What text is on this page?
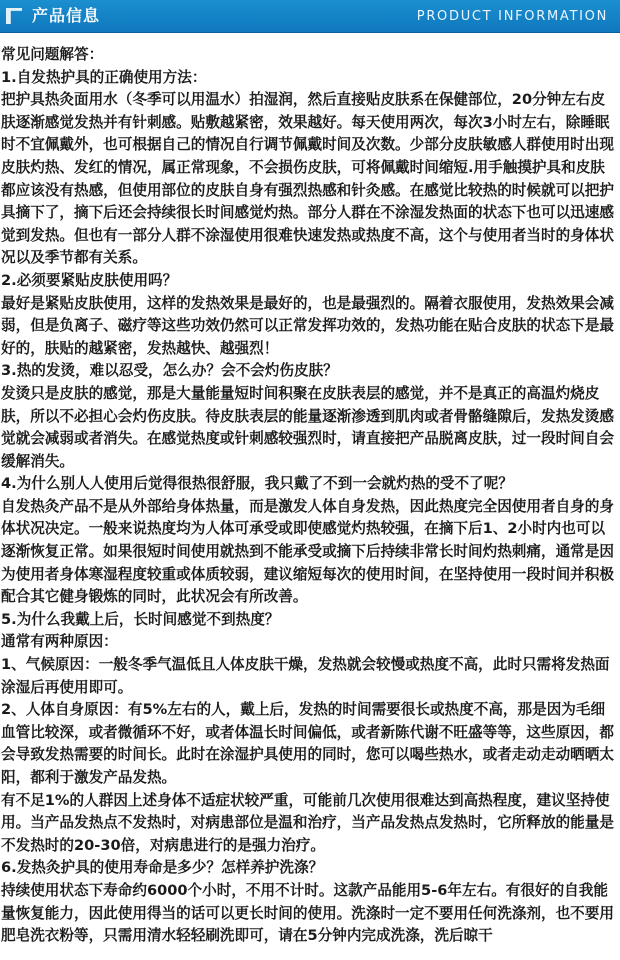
产品信息	PRODUCT INFORMATION

常见问题解答：

1.自发热护具的正确使用方法：

把护具热灸面用水（冬季可以用温水）拍湿润，然后直接贴皮肤系在保健部位，20分钟左右皮肤逐渐感觉发热并有针刺感。贴敷越紧密，效果越好。每天使用两次，每次3小时左右，除睡眠时不宜佩戴外，也可根据自己的情况自行调节佩戴时间及次数。少部分皮肤敏感人群使用时出现皮肤灼热、发红的情况，属正常现象，不会损伤皮肤，可将佩戴时间缩短.用手触摸护具和皮肤都应该没有热感，但使用部位的皮肤自身有强烈热感和针灸感。在感觉比较热的时候就可以把护具摘下了，摘下后还会持续很长时间感觉灼热。部分人群在不涂湿发热面的状态下也可以迅速感觉到发热。但也有一部分人群不涂湿使用很难快速发热或热度不高，这个与使用者当时的身体状况以及季节都有关系。

2.必须要紧贴皮肤使用吗？

最好是紧贴皮肤使用，这样的发热效果是最好的，也是最强烈的。隔着衣服使用，发热效果会减弱，但是负离子、磁疗等这些功效仍然可以正常发挥功效的，发热功能在贴合皮肤的状态下是最好的，肤贴的越紧密，发热越快、越强烈！

3.热的发烫，难以忍受，怎么办？会不会灼伤皮肤？

发烫只是皮肤的感觉，那是大量能量短时间积聚在皮肤表层的感觉，并不是真正的高温灼烧皮肤，所以不必担心会灼伤皮肤。待皮肤表层的能量逐渐渗透到肌肉或者骨骼缝隙后，发热发烫感觉就会减弱或者消失。在感觉热度或针刺感较强烈时，请直接把产品脱离皮肤，过一段时间自会缓解消失。

4.为什么别人人使用后觉得很热很舒服，我只戴了不到一会就灼热的受不了呢？

自发热灸产品不是从外部给身体热量，而是激发人体自身发热，因此热度完全因使用者自身的身体状况决定。一般来说热度均为人体可承受或即使感觉灼热较强，在摘下后1、2小时内也可以逐渐恢复正常。如果很短时间使用就热到不能承受或摘下后持续非常长时间灼热刺痛，通常是因为使用者身体寒湿程度较重或体质较弱，建议缩短每次的使用时间，在坚持使用一段时间并积极配合其它健身锻炼的同时，此状况会有所改善。

5.为什么我戴上后，长时间感觉不到热度？

通常有两种原因：

1、气候原因：一般冬季气温低且人体皮肤干燥，发热就会较慢或热度不高，此时只需将发热面涂湿后再使用即可。

2、人体自身原因：有5%左右的人，戴上后，发热的时间需要很长或热度不高，那是因为毛细血管比较深，或者微循环不好，或者体温长时间偏低，或者新陈代谢不旺盛等等，这些原因，都会导致发热需要的时间长。此时在涂湿护具使用的同时，您可以喝些热水，或者走动走动晒晒太阳，都利于激发产品发热。

有不足1%的人群因上述身体不适症状较严重，可能前几次使用很难达到高热程度，建议坚持使用。当产品发热点不发热时，对病患部位是温和治疗，当产品发热点发热时，它所释放的能量是不发热时的20-30倍，对病患进行的是强力治疗。

6.发热灸护具的使用寿命是多少？怎样养护洗涤？

持续使用状态下寿命约6000个小时，不用不计时。这款产品能用5-6年左右。有很好的自我能量恢复能力，因此使用得当的话可以更长时间的使用。洗涤时一定不要用任何洗涤剂，也不要用肥皂洗衣粉等，只需用清水轻轻刷洗即可，请在5分钟内完成洗涤，洗后晾干
